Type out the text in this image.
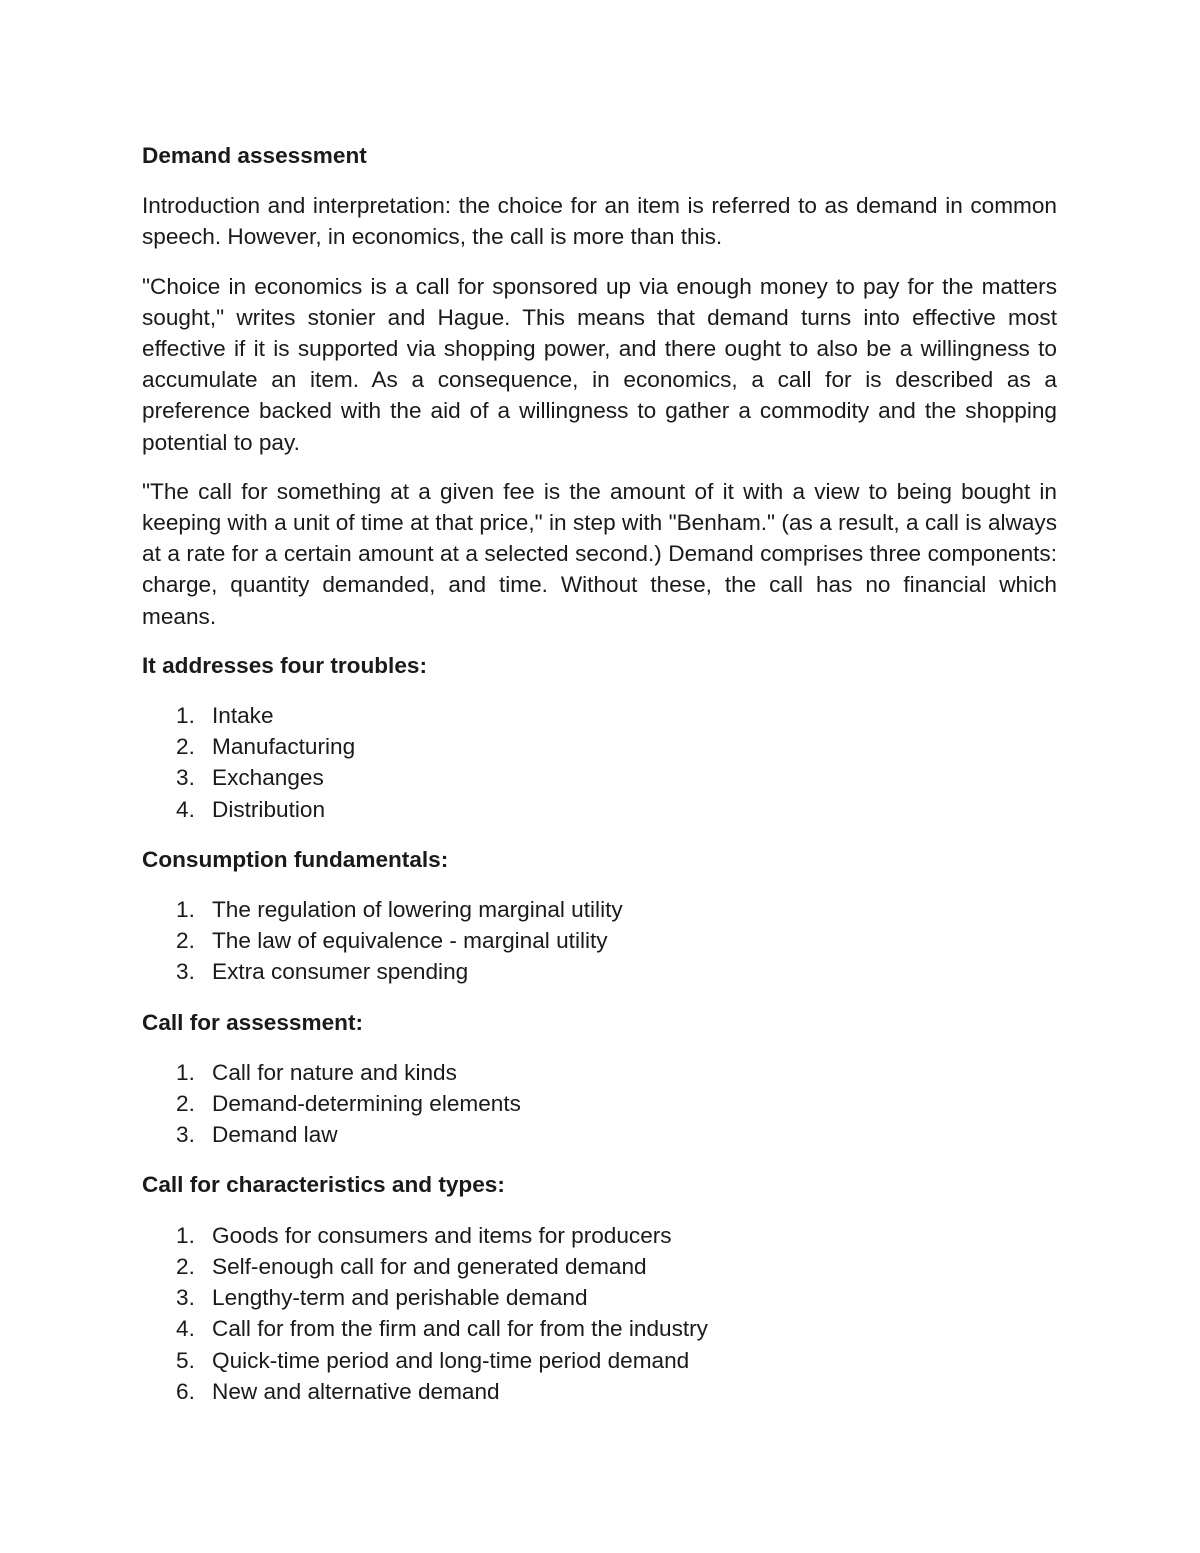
Demand assessment

Introduction and interpretation: the choice for an item is referred to as demand in common speech. However, in economics, the call is more than this.

"Choice in economics is a call for sponsored up via enough money to pay for the matters sought," writes stonier and Hague. This means that demand turns into effective most effective if it is supported via shopping power, and there ought to also be a willingness to accumulate an item. As a consequence, in economics, a call for is described as a preference backed with the aid of a willingness to gather a commodity and the shopping potential to pay.

"The call for something at a given fee is the amount of it with a view to being bought in keeping with a unit of time at that price," in step with "Benham." (as a result, a call is always at a rate for a certain amount at a selected second.) Demand comprises three components: charge, quantity demanded, and time. Without these, the call has no financial which means.

It addresses four troubles:
1. Intake
2. Manufacturing
3. Exchanges
4. Distribution
Consumption fundamentals:
1. The regulation of lowering marginal utility
2. The law of equivalence - marginal utility
3. Extra consumer spending
Call for assessment:
1. Call for nature and kinds
2. Demand-determining elements
3. Demand law
Call for characteristics and types:
1. Goods for consumers and items for producers
2. Self-enough call for and generated demand
3. Lengthy-term and perishable demand
4. Call for from the firm and call for from the industry
5. Quick-time period and long-time period demand
6. New and alternative demand
